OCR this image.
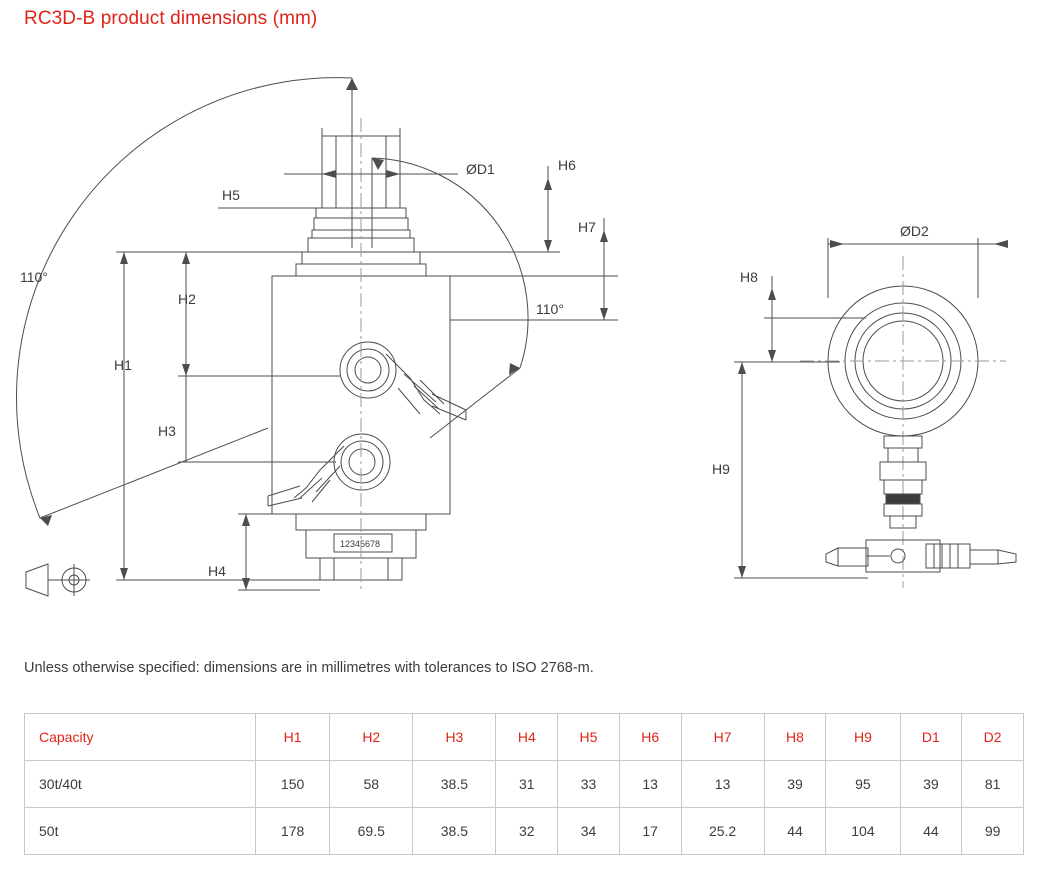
RC3D-B product dimensions (mm)
12345678
ØD1	H6
H7
H5
H2
H1
H3
H4
110°
110°
ØD2
H8
H9
Unless otherwise specified: dimensions are in millimetres with tolerances to ISO 2768-m.
Capacity	H1	H2	H3	H4	H5	H6	H7	H8	H9	D1	D2
30t/40t	150	58	38.5	31	33	13	13	39	95	39	81
50t	178	69.5	38.5	32	34	17	25.2	44	104	44	99
